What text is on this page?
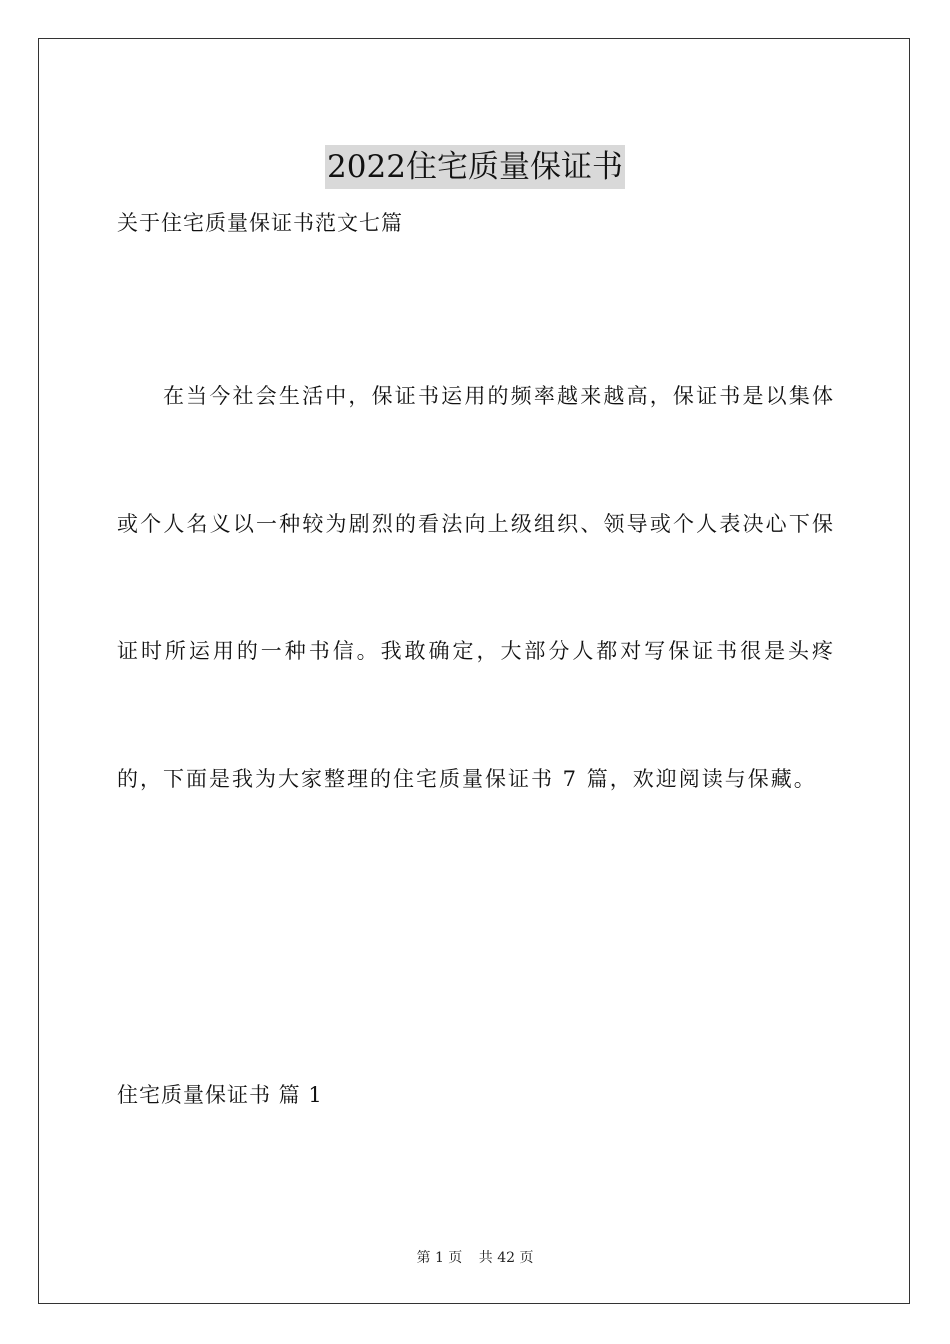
2022住宅质量保证书
关于住宅质量保证书范文七篇

在当今社会生活中，保证书运用的频率越来越高，保证书是以集体或个人名义以一种较为剧烈的看法向上级组织、领导或个人表决心下保证时所运用的一种书信。我敢确定，大部分人都对写保证书很是头疼的，下面是我为大家整理的住宅质量保证书 7 篇，欢迎阅读与保藏。

住宅质量保证书 篇 1
第 1 页 共 42 页
